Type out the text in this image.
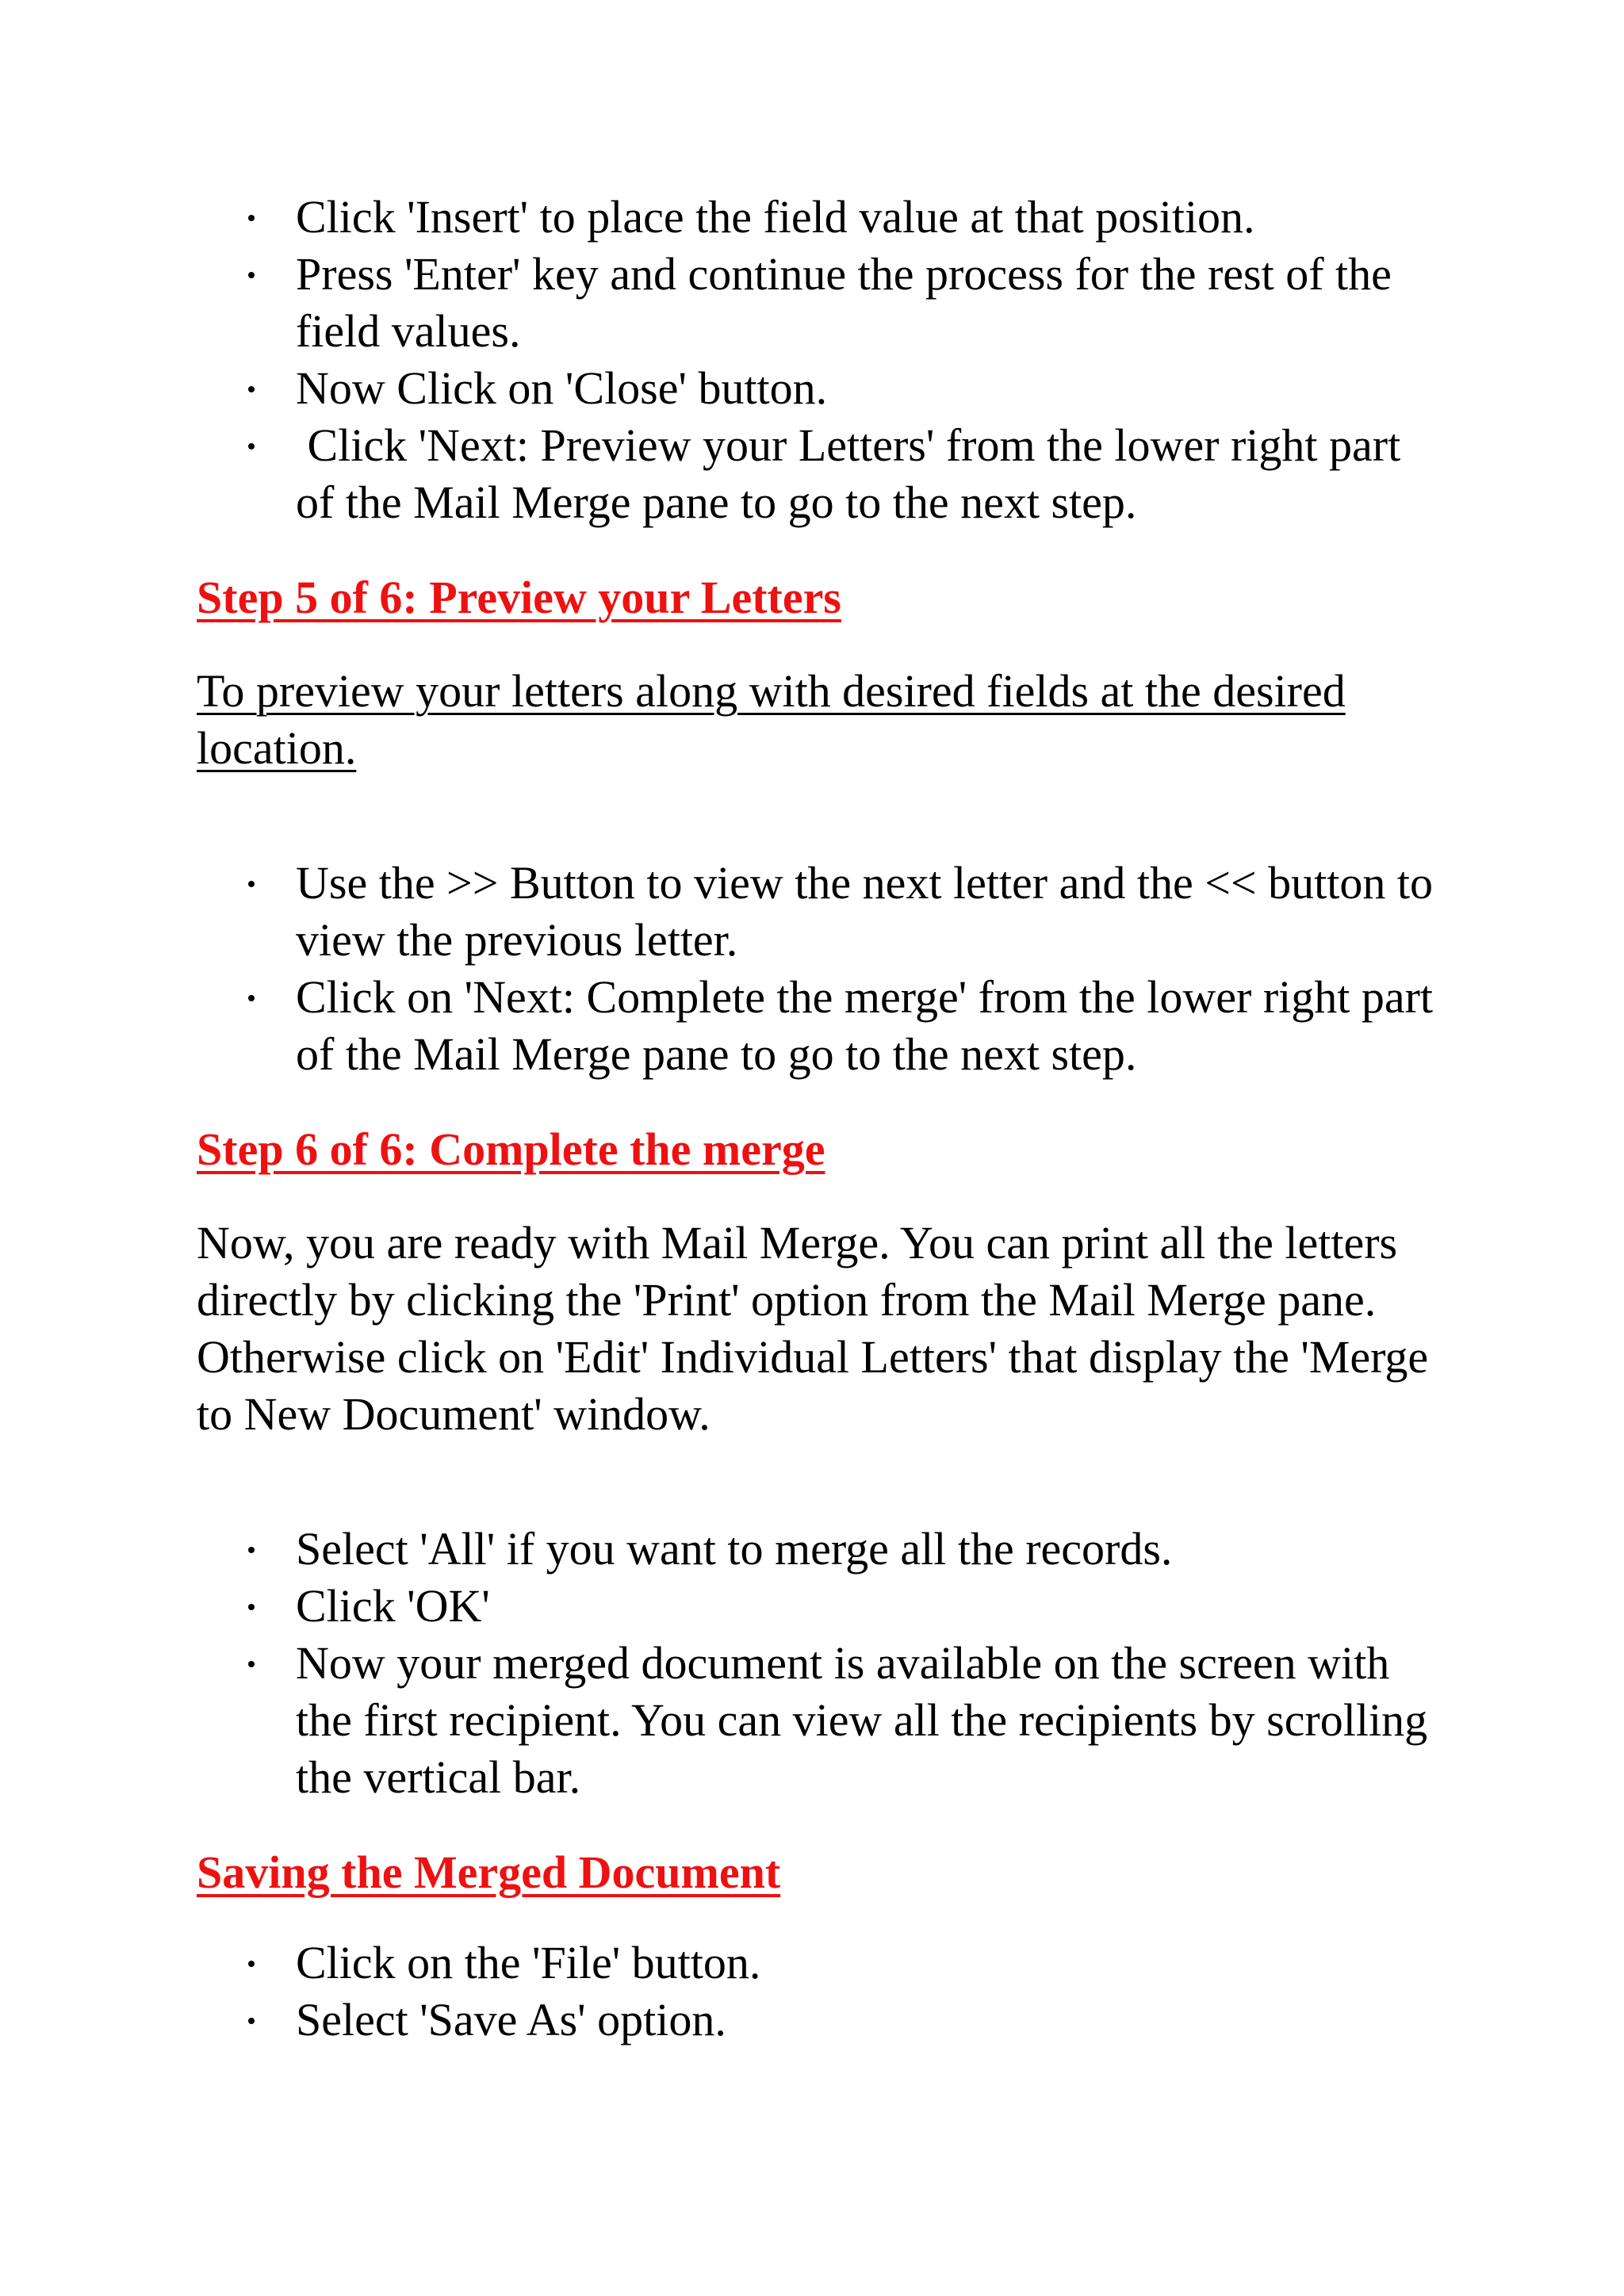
Click 'Insert' to place the field value at that position.
Press 'Enter' key and continue the process for the rest of the field values.
Now Click on 'Close' button.
Click 'Next: Preview your Letters' from the lower right part of the Mail Merge pane to go to the next step.

Step 5 of 6: Preview your Letters

To preview your letters along with desired fields at the desired location.

Use the >> Button to view the next letter and the << button to view the previous letter.
Click on 'Next: Complete the merge' from the lower right part of the Mail Merge pane to go to the next step.

Step 6 of 6: Complete the merge

Now, you are ready with Mail Merge. You can print all the letters directly by clicking the 'Print' option from the Mail Merge pane. Otherwise click on 'Edit' Individual Letters' that display the 'Merge to New Document' window.

Select 'All' if you want to merge all the records.
Click 'OK'
Now your merged document is available on the screen with the first recipient. You can view all the recipients by scrolling the vertical bar.

Saving the Merged Document

Click on the 'File' button.
Select 'Save As' option.
